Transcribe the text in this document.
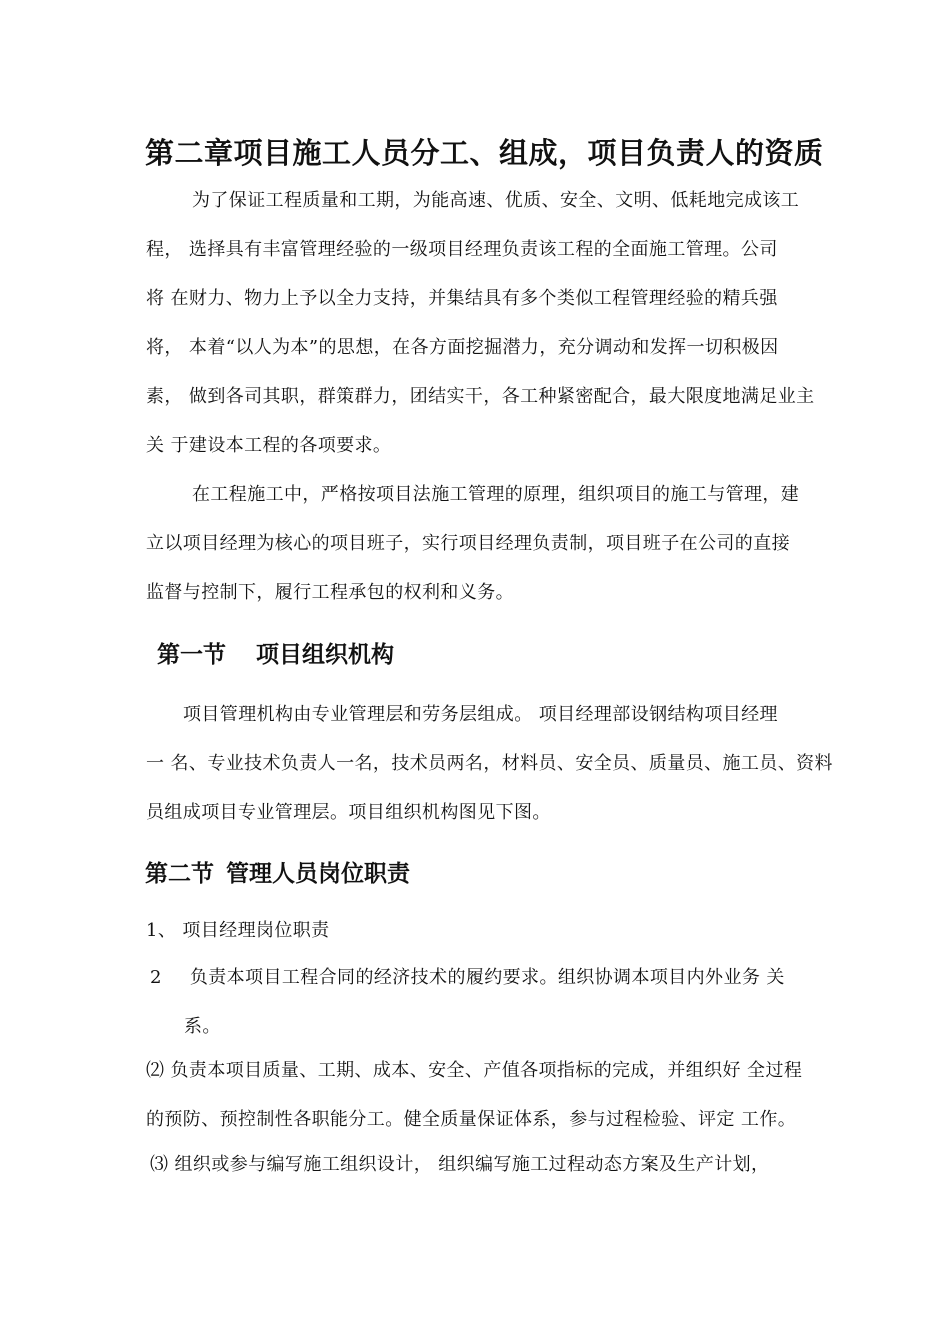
第二章项目施工人员分工、组成，项目负责人的资质
为了保证工程质量和工期，为能高速、优质、安全、文明、低耗地完成该工
程， 选择具有丰富管理经验的一级项目经理负责该工程的全面施工管理。公司
将 在财力、物力上予以全力支持，并集结具有多个类似工程管理经验的精兵强
将， 本着“以人为本”的思想，在各方面挖掘潜力，充分调动和发挥一切积极因
素， 做到各司其职，群策群力，团结实干，各工种紧密配合，最大限度地满足业主
关 于建设本工程的各项要求。
在工程施工中，严格按项目法施工管理的原理，组织项目的施工与管理，建
立以项目经理为核心的项目班子，实行项目经理负责制，项目班子在公司的直接
监督与控制下，履行工程承包的权利和义务。
第一节 项目组织机构
项目管理机构由专业管理层和劳务层组成。 项目经理部设钢结构项目经理
一 名、专业技术负责人一名，技术员两名，材料员、安全员、质量员、施工员、资料
员组成项目专业管理层。项目组织机构图见下图。
第二节 管理人员岗位职责
1、 项目经理岗位职责
2 负责本项目工程合同的经济技术的履约要求。组织协调本项目内外业务 关
系。
⑵ 负责本项目质量、工期、成本、安全、产值各项指标的完成，并组织好 全过程
的预防、预控制性各职能分工。健全质量保证体系，参与过程检验、评定 工作。
⑶ 组织或参与编写施工组织设计， 组织编写施工过程动态方案及生产计划，
